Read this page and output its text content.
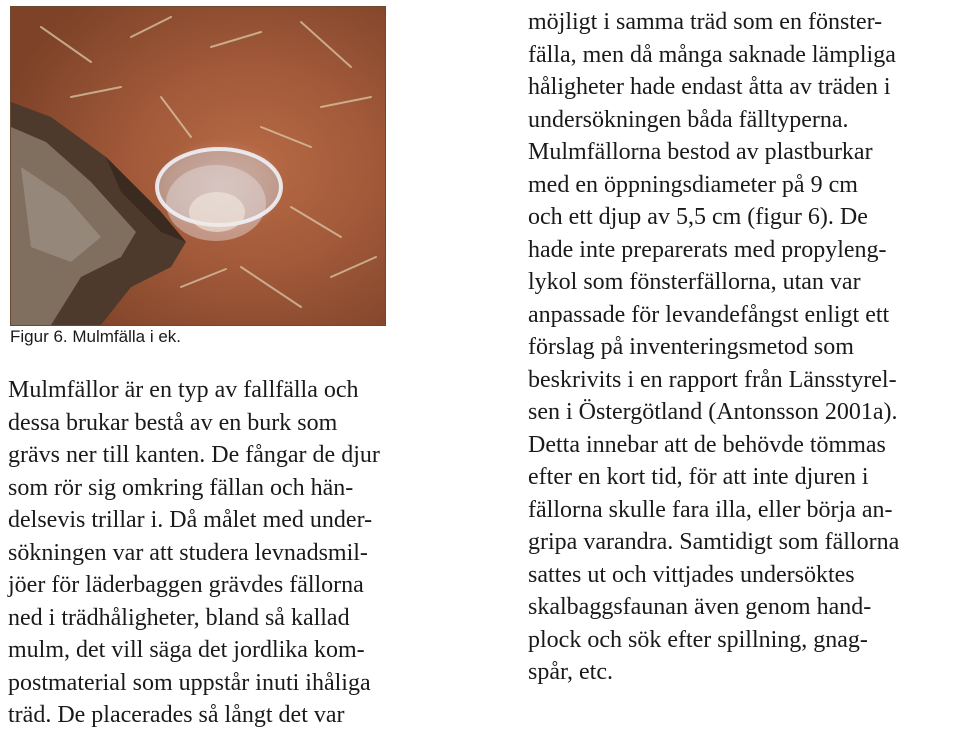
Figur 6. Mulmfälla i ek.
Mulmfällor är en typ av fallfälla och
dessa brukar bestå av en burk som
grävs ner till kanten. De fångar de djur
som rör sig omkring fällan och hän-
delsevis trillar i. Då målet med under-
sökningen var att studera levnadsmil-
jöer för läderbaggen grävdes fällorna
ned i trädhåligheter, bland så kallad
mulm, det vill säga det jordlika kom-
postmaterial som uppstår inuti ihåliga
träd. De placerades så långt det var
möjligt i samma träd som en fönster-
fälla, men då många saknade lämpliga
håligheter hade endast åtta av träden i
undersökningen båda fälltyperna.
Mulmfällorna bestod av plastburkar
med en öppningsdiameter på 9 cm
och ett djup av 5,5 cm (figur 6). De
hade inte preparerats med propyleng-
lykol som fönsterfällorna, utan var
anpassade för levandefångst enligt ett
förslag på inventeringsmetod som
beskrivits i en rapport från Länsstyrel-
sen i Östergötland (Antonsson 2001a).
Detta innebar att de behövde tömmas
efter en kort tid, för att inte djuren i
fällorna skulle fara illa, eller börja an-
gripa varandra. Samtidigt som fällorna
sattes ut och vittjades undersöktes
skalbaggsfaunan även genom hand-
plock och sök efter spillning, gnag-
spår, etc.
